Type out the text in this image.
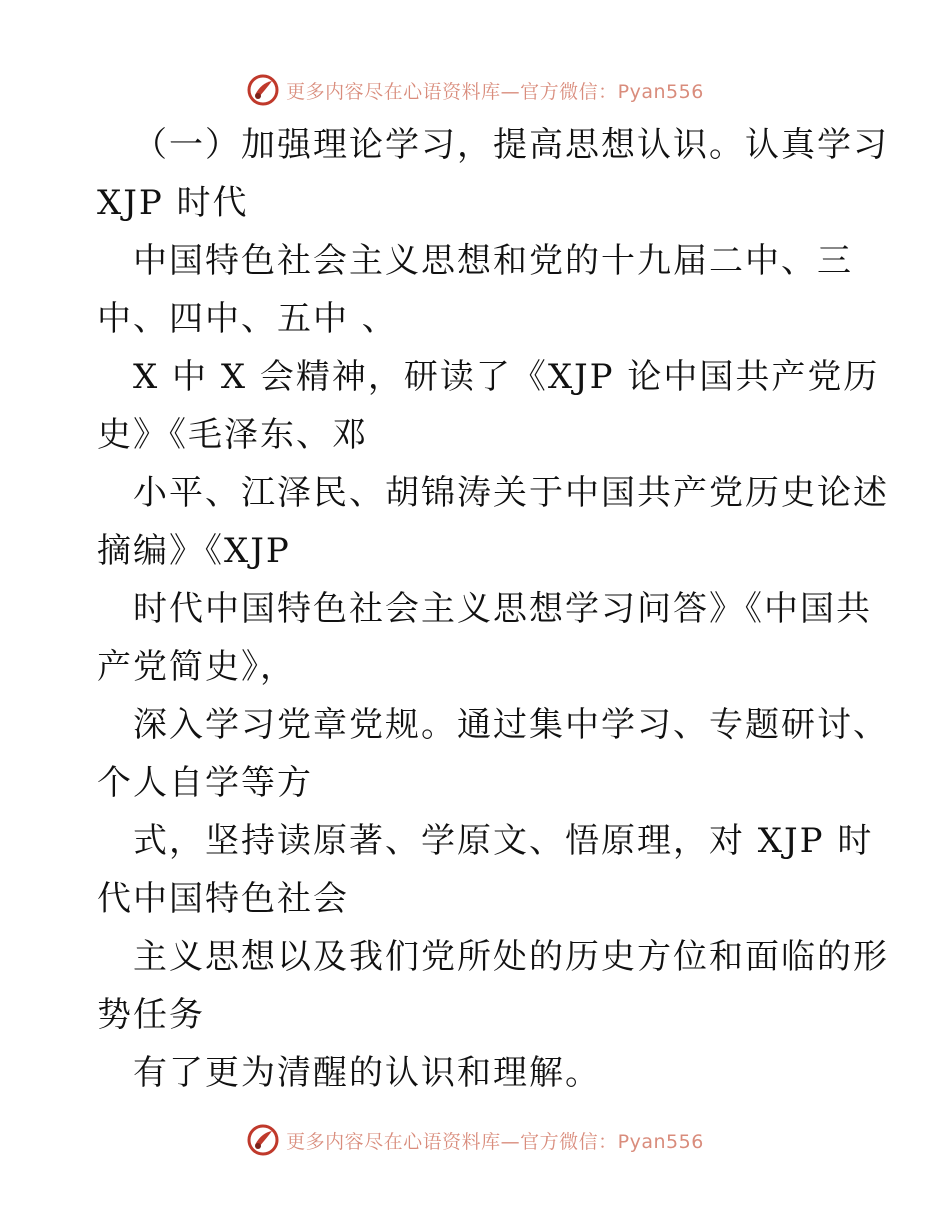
更多内容尽在心语资料库—官方微信：Pyan556
（一）加强理论学习，提高思想认识。认真学习
XJP 时代
中国特色社会主义思想和党的十九届二中、三
中、四中、五中 、
X 中 X 会精神，研读了《XJP 论中国共产党历
史》《毛泽东、邓
小平、江泽民、胡锦涛关于中国共产党历史论述
摘编》《XJP
时代中国特色社会主义思想学习问答》《中国共
产党简史》，
深入学习党章党规。通过集中学习、专题研讨、
个人自学等方
式，坚持读原著、学原文、悟原理，对 XJP 时
代中国特色社会
主义思想以及我们党所处的历史方位和面临的形
势任务
有了更为清醒的认识和理解。
更多内容尽在心语资料库—官方微信：Pyan556
